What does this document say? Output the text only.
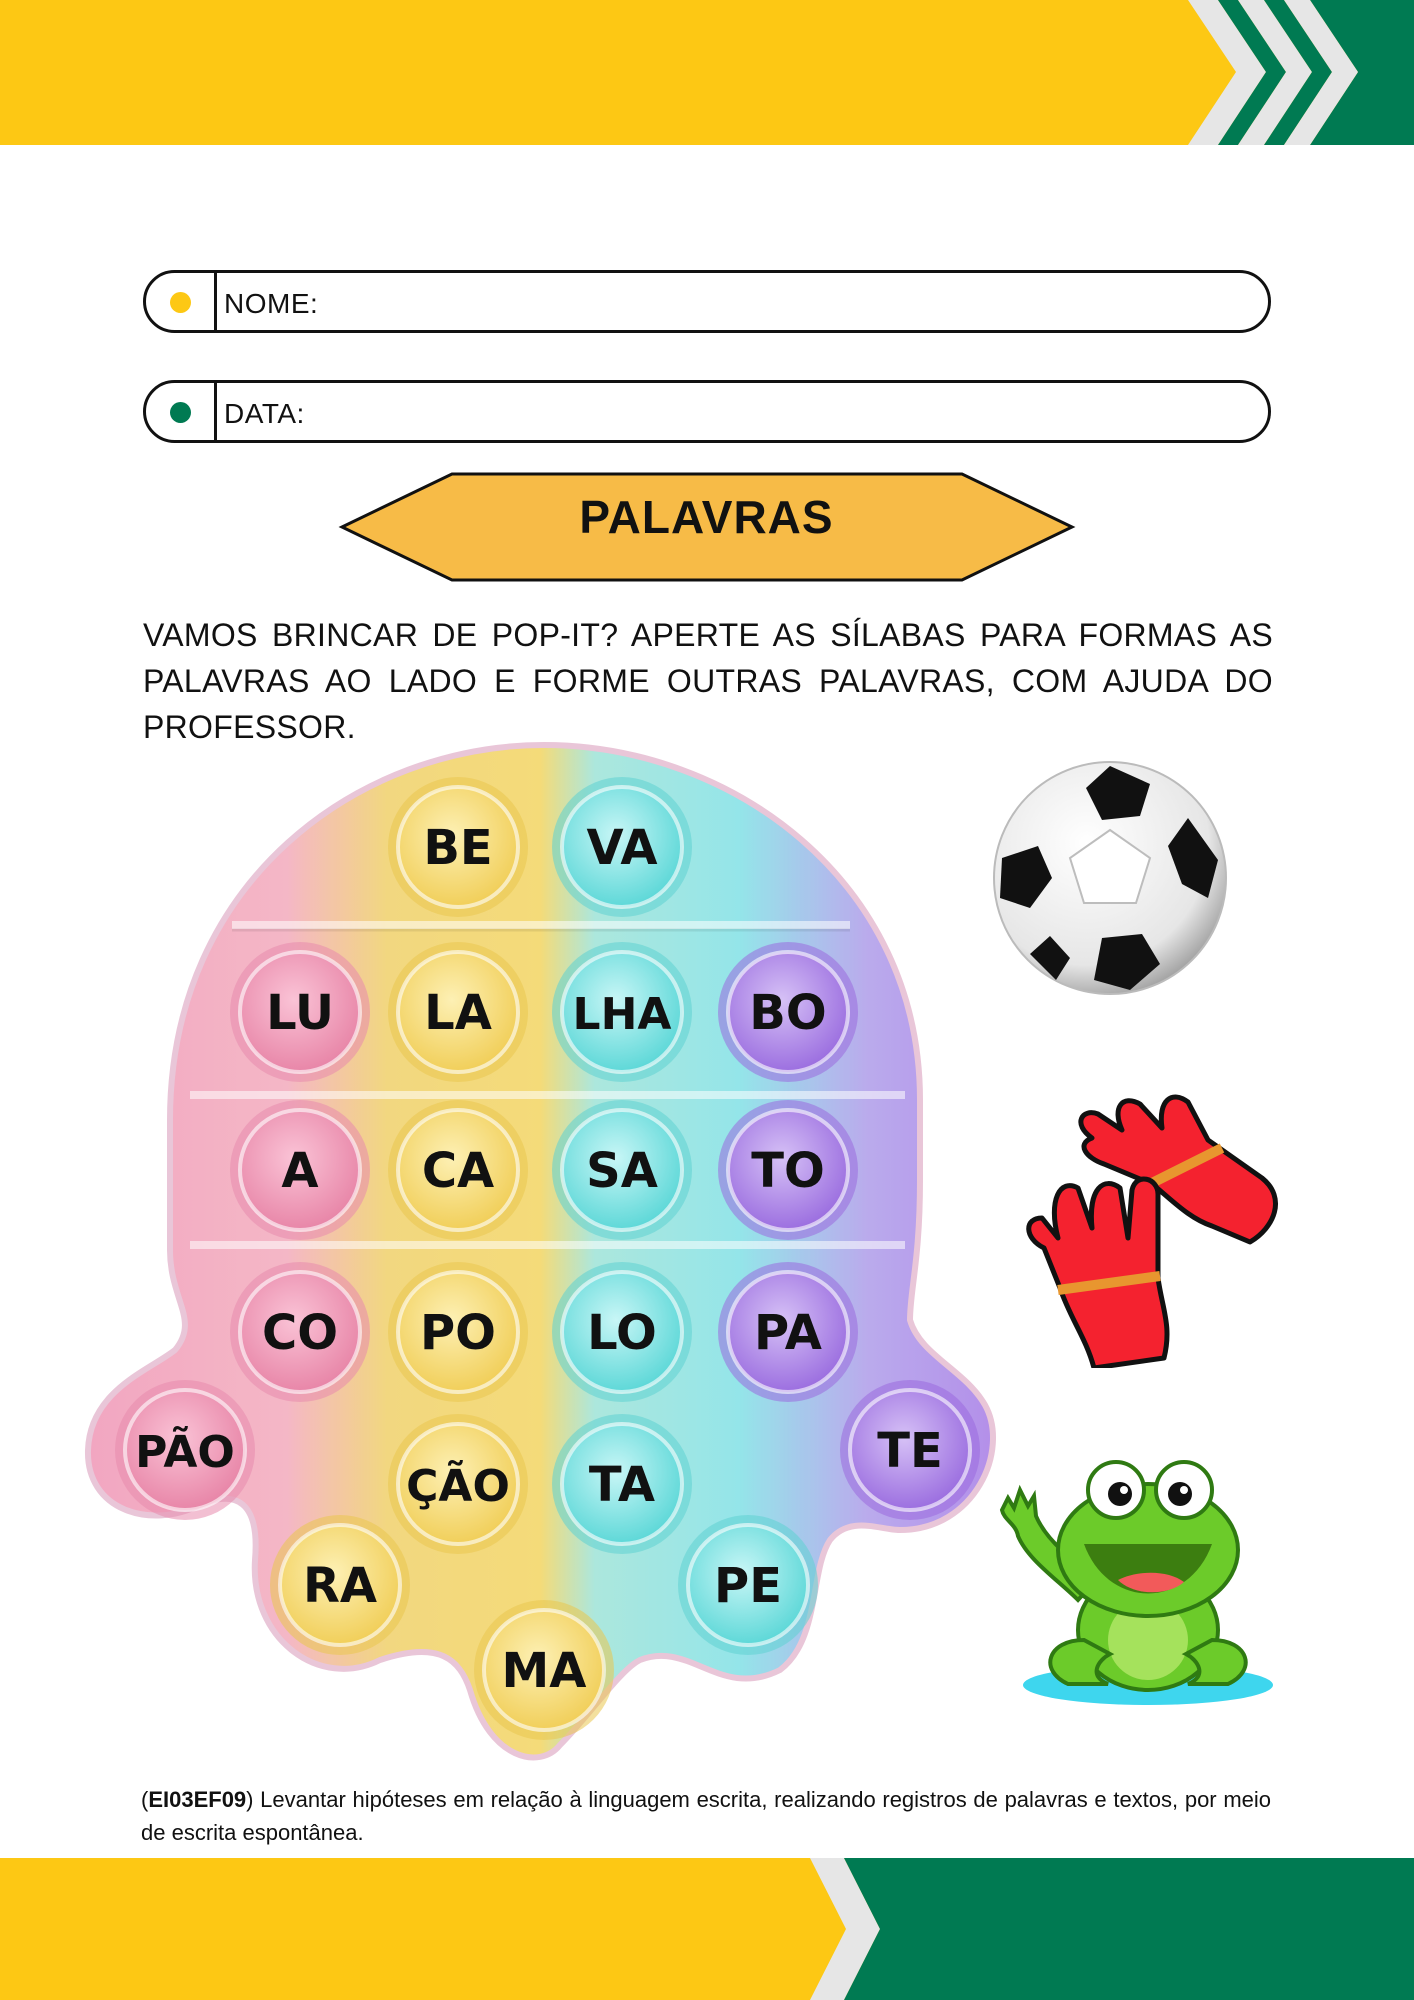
NOME:
DATA:
PALAVRAS
VAMOS BRINCAR DE POP-IT? APERTE AS SÍLABAS PARA FORMAS AS PALAVRAS AO LADO E FORME OUTRAS PALAVRAS, COM AJUDA DO PROFESSOR.
BE VA
LU LA LHA BO
A CA SA TO
CO PO LO PA
PÃO
ÇÃO TA
TE
RA	PE
MA
(EI03EF09) Levantar hipóteses em relação à linguagem escrita, realizando registros de palavras e textos, por meio de escrita espontânea.
